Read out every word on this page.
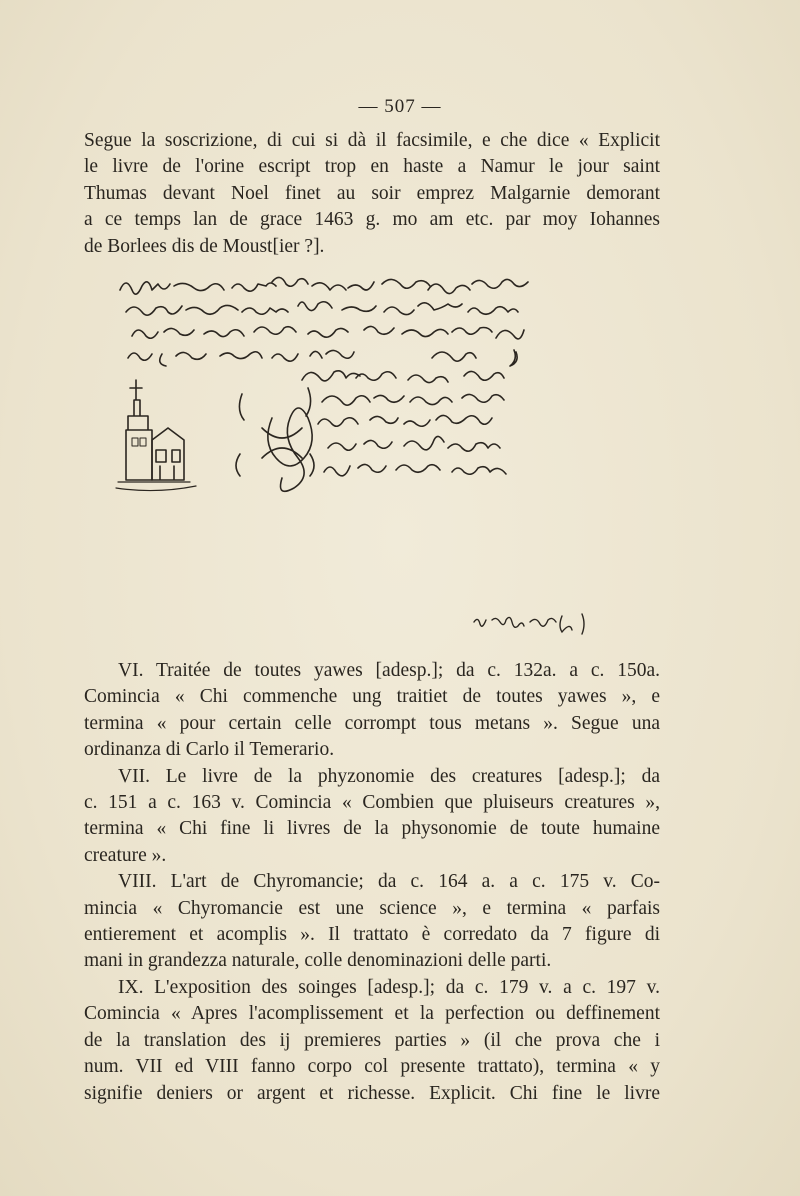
— 507 —
Segue la soscrizione, di cui si dà il facsimile, e che dice « Explicit
le livre de l'orine escript trop en haste a Namur le jour saint
Thumas devant Noel finet au soir emprez Malgarnie demorant
a ce temps lan de grace 1463 g. mo am etc. par moy Iohannes
de Borlees dis de Moust[ier ?].
VI. Traitée de toutes yawes [adesp.]; da c. 132a. a c. 150a.
Comincia « Chi commenche ung traitiet de toutes yawes », e
termina « pour certain celle corrompt tous metans ». Segue una
ordinanza di Carlo il Temerario.
VII. Le livre de la phyzonomie des creatures [adesp.]; da
c. 151 a c. 163 v. Comincia « Combien que pluiseurs creatures »,
termina « Chi fine li livres de la physonomie de toute humaine
creature ».
VIII. L'art de Chyromancie; da c. 164 a. a c. 175 v. Co-
mincia « Chyromancie est une science », e termina « parfais
entierement et acomplis ». Il trattato è corredato da 7 figure di
mani in grandezza naturale, colle denominazioni delle parti.
IX. L'exposition des soinges [adesp.]; da c. 179 v. a c. 197 v.
Comincia « Apres l'acomplissement et la perfection ou deffinement
de la translation des ij premieres parties » (il che prova che i
num. VII ed VIII fanno corpo col presente trattato), termina « y
signifie deniers or argent et richesse. Explicit. Chi fine le livre
